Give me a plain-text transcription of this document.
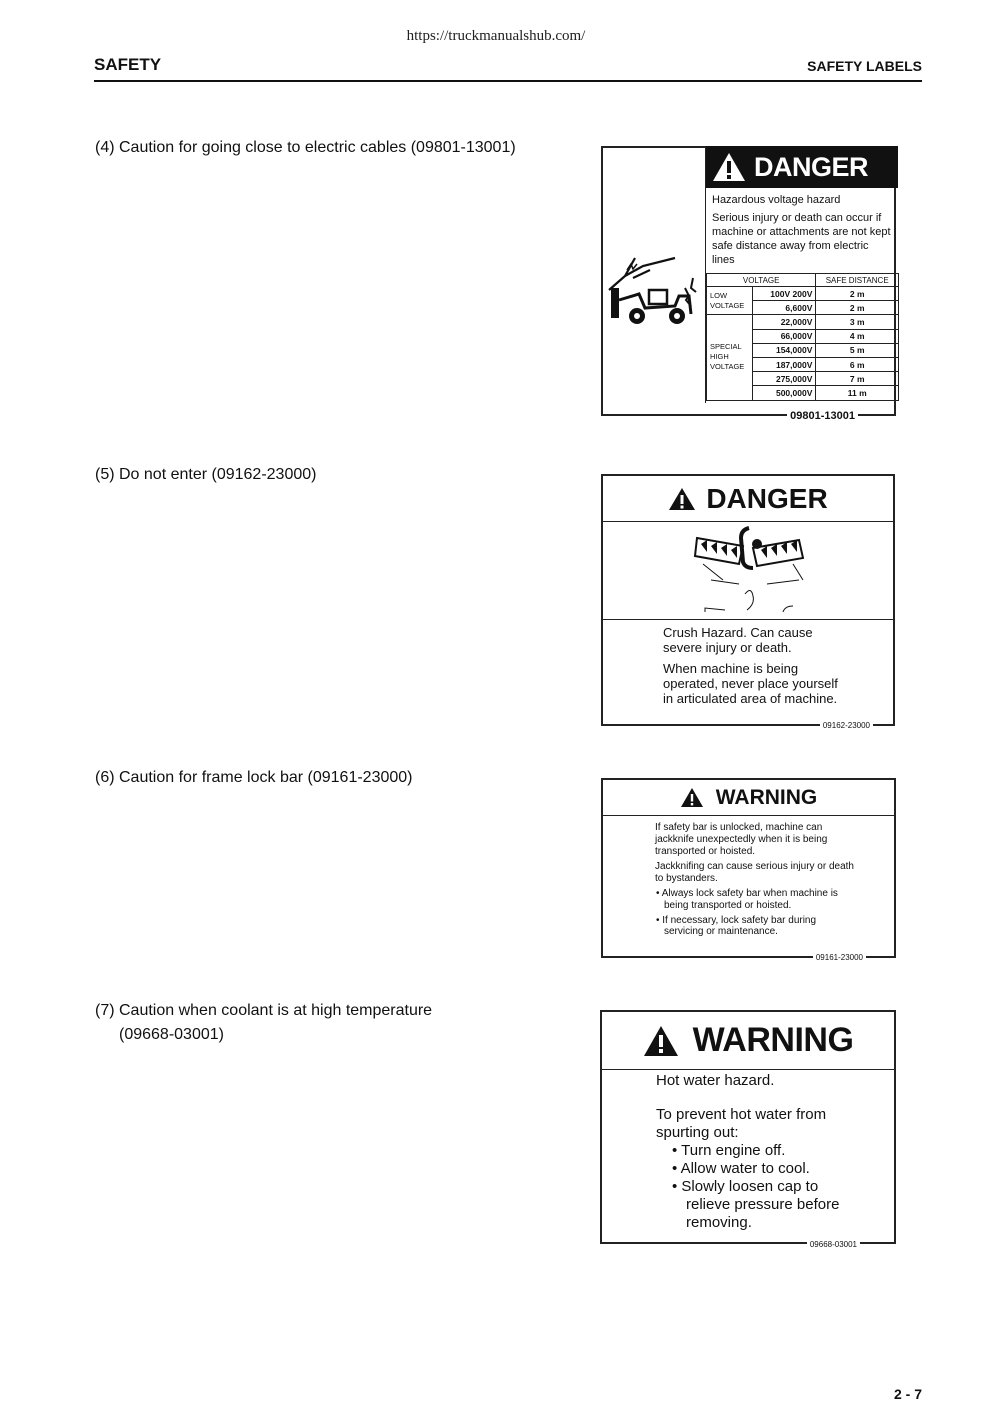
https://truckmanualshub.com/
SAFETY	SAFETY LABELS
(4) Caution for going close to electric cables (09801-13001)
DANGER

Hazardous voltage hazard

Serious injury or death can occur if machine or attachments are not kept safe distance away from electric lines

VOLTAGE		SAFE DISTANCE
LOW VOLTAGE	100V 200V	2 m
	6,600V	2 m
SPECIAL HIGH VOLTAGE	22,000V	3 m
	66,000V	4 m
	154,000V	5 m
	187,000V	6 m
	275,000V	7 m
	500,000V	11 m
09801-13001
(5) Do not enter (09162-23000)
DANGER

Crush Hazard. Can cause severe injury or death.

When machine is being operated, never place yourself in articulated area of machine.

09162-23000
(6) Caution for frame lock bar (09161-23000)
WARNING

If safety bar is unlocked, machine can jackknife unexpectedly when it is being transported or hoisted.

Jackknifing can cause serious injury or death to bystanders.

• Always lock safety bar when machine is being transported or hoisted.

• If necessary, lock safety bar during servicing or maintenance.

09161-23000
(7) Caution when coolant is at high temperature
(09668-03001)	WARNING

Hot water hazard.

To prevent hot water from spurting out:

• Turn engine off.

• Allow water to cool.

• Slowly loosen cap to relieve pressure before removing.

09668-03001
2 - 7
